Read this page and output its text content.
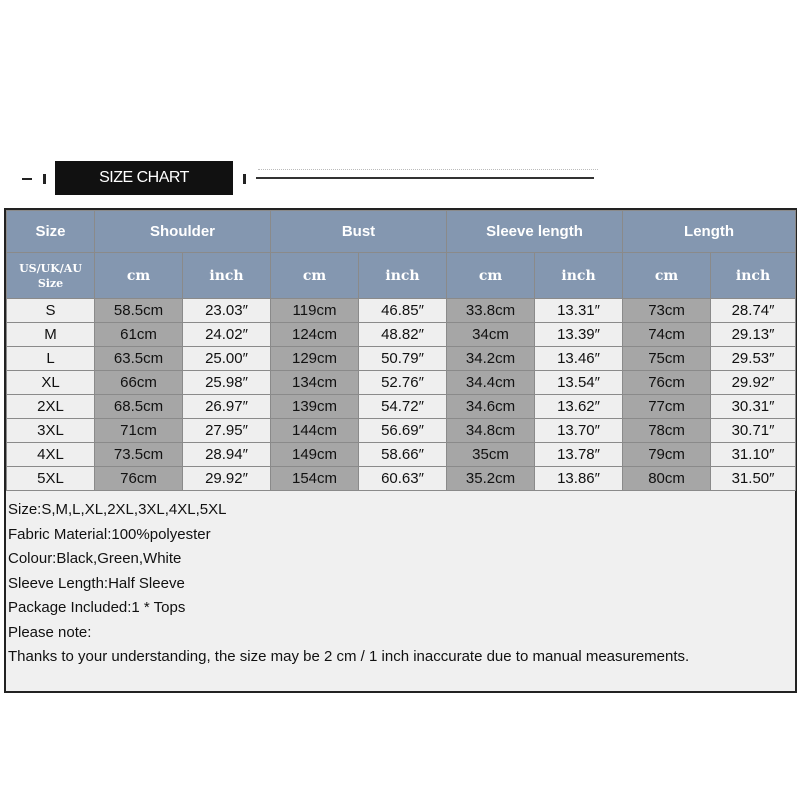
SIZE CHART
Size	Shoulder		Bust		Sleeve length		Length	
US/UK/AU
Size	cm	inch	cm	inch	cm	inch	cm	inch
S	58.5cm	23.03″	119cm	46.85″	33.8cm	13.31″	73cm	28.74″
M	61cm	24.02″	124cm	48.82″	34cm	13.39″	74cm	29.13″
L	63.5cm	25.00″	129cm	50.79″	34.2cm	13.46″	75cm	29.53″
XL	66cm	25.98″	134cm	52.76″	34.4cm	13.54″	76cm	29.92″
2XL	68.5cm	26.97″	139cm	54.72″	34.6cm	13.62″	77cm	30.31″
3XL	71cm	27.95″	144cm	56.69″	34.8cm	13.70″	78cm	30.71″
4XL	73.5cm	28.94″	149cm	58.66″	35cm	13.78″	79cm	31.10″
5XL	76cm	29.92″	154cm	60.63″	35.2cm	13.86″	80cm	31.50″
Size:S,M,L,XL,2XL,3XL,4XL,5XL
Fabric Material:100%polyester
Colour:Black,Green,White
Sleeve Length:Half Sleeve
Package Included:1 * Tops
Please note:
Thanks to your understanding, the size may be 2 cm / 1 inch inaccurate due to manual measurements.
